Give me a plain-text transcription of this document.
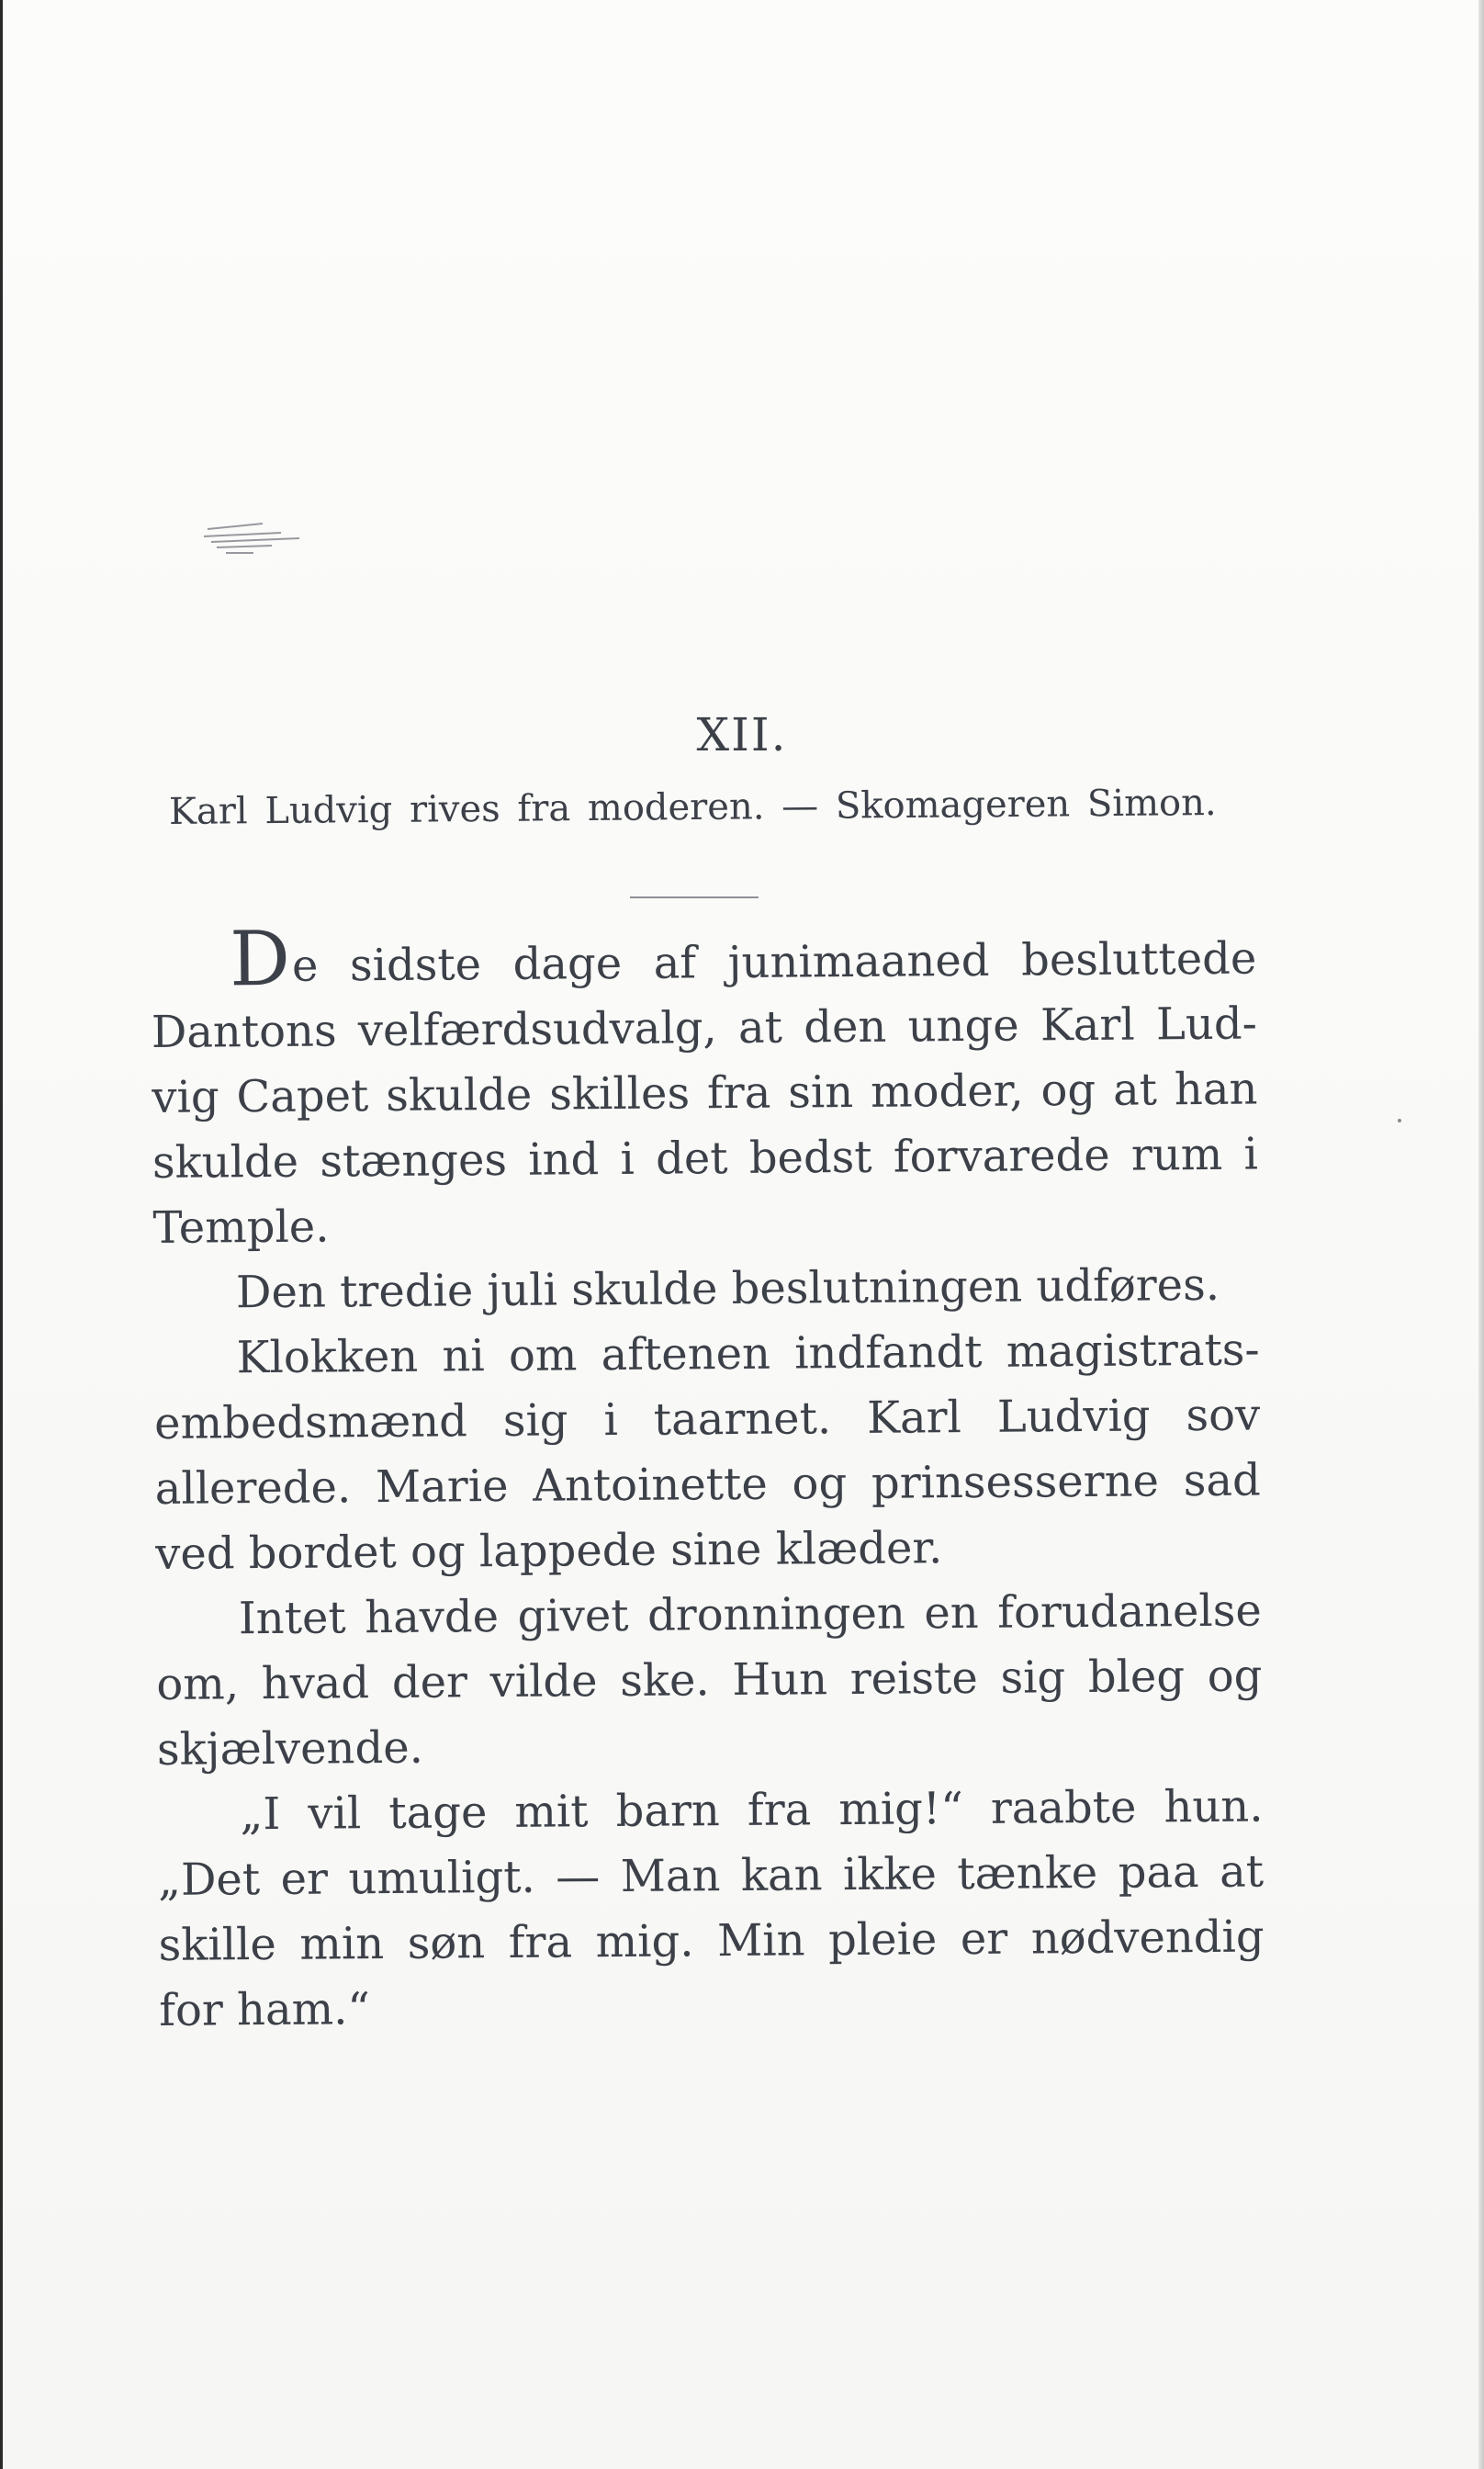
XII.
Karl Ludvig rives fra moderen. — Skomageren Simon.

De sidste dage af junimaaned besluttede Dantons velfærdsudvalg, at den unge Karl Ludvig Capet skulde skilles fra sin moder, og at han skulde stænges ind i det bedst forvarede rum i Temple.

Den tredie juli skulde beslutningen udføres.

Klokken ni om aftenen indfandt magistratsembedsmænd sig i taarnet. Karl Ludvig sov allerede. Marie Antoinette og prinsesserne sad ved bordet og lappede sine klæder.

Intet havde givet dronningen en forudanelse om, hvad der vilde ske. Hun reiste sig bleg og skjælvende.

„I vil tage mit barn fra mig!“ raabte hun. „Det er umuligt. — Man kan ikke tænke paa at skille min søn fra mig. Min pleie er nødvendig for ham.“
